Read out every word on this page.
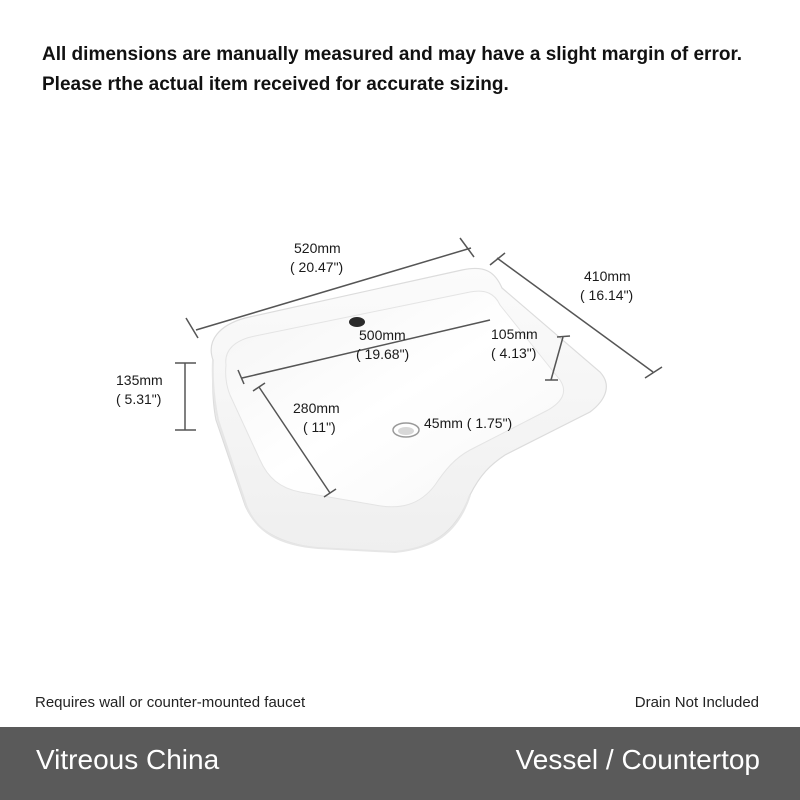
All dimensions are manually measured and may have a slight margin of error. Please rthe actual item received for accurate sizing.
520mm
( 20.47")
410mm
( 16.14")
500mm
( 19.68")
105mm
( 4.13")
135mm
( 5.31")
280mm
( 11")	45mm ( 1.75")
Requires wall or counter-mounted faucet	Drain Not Included
Vitreous China	Vessel / Countertop
